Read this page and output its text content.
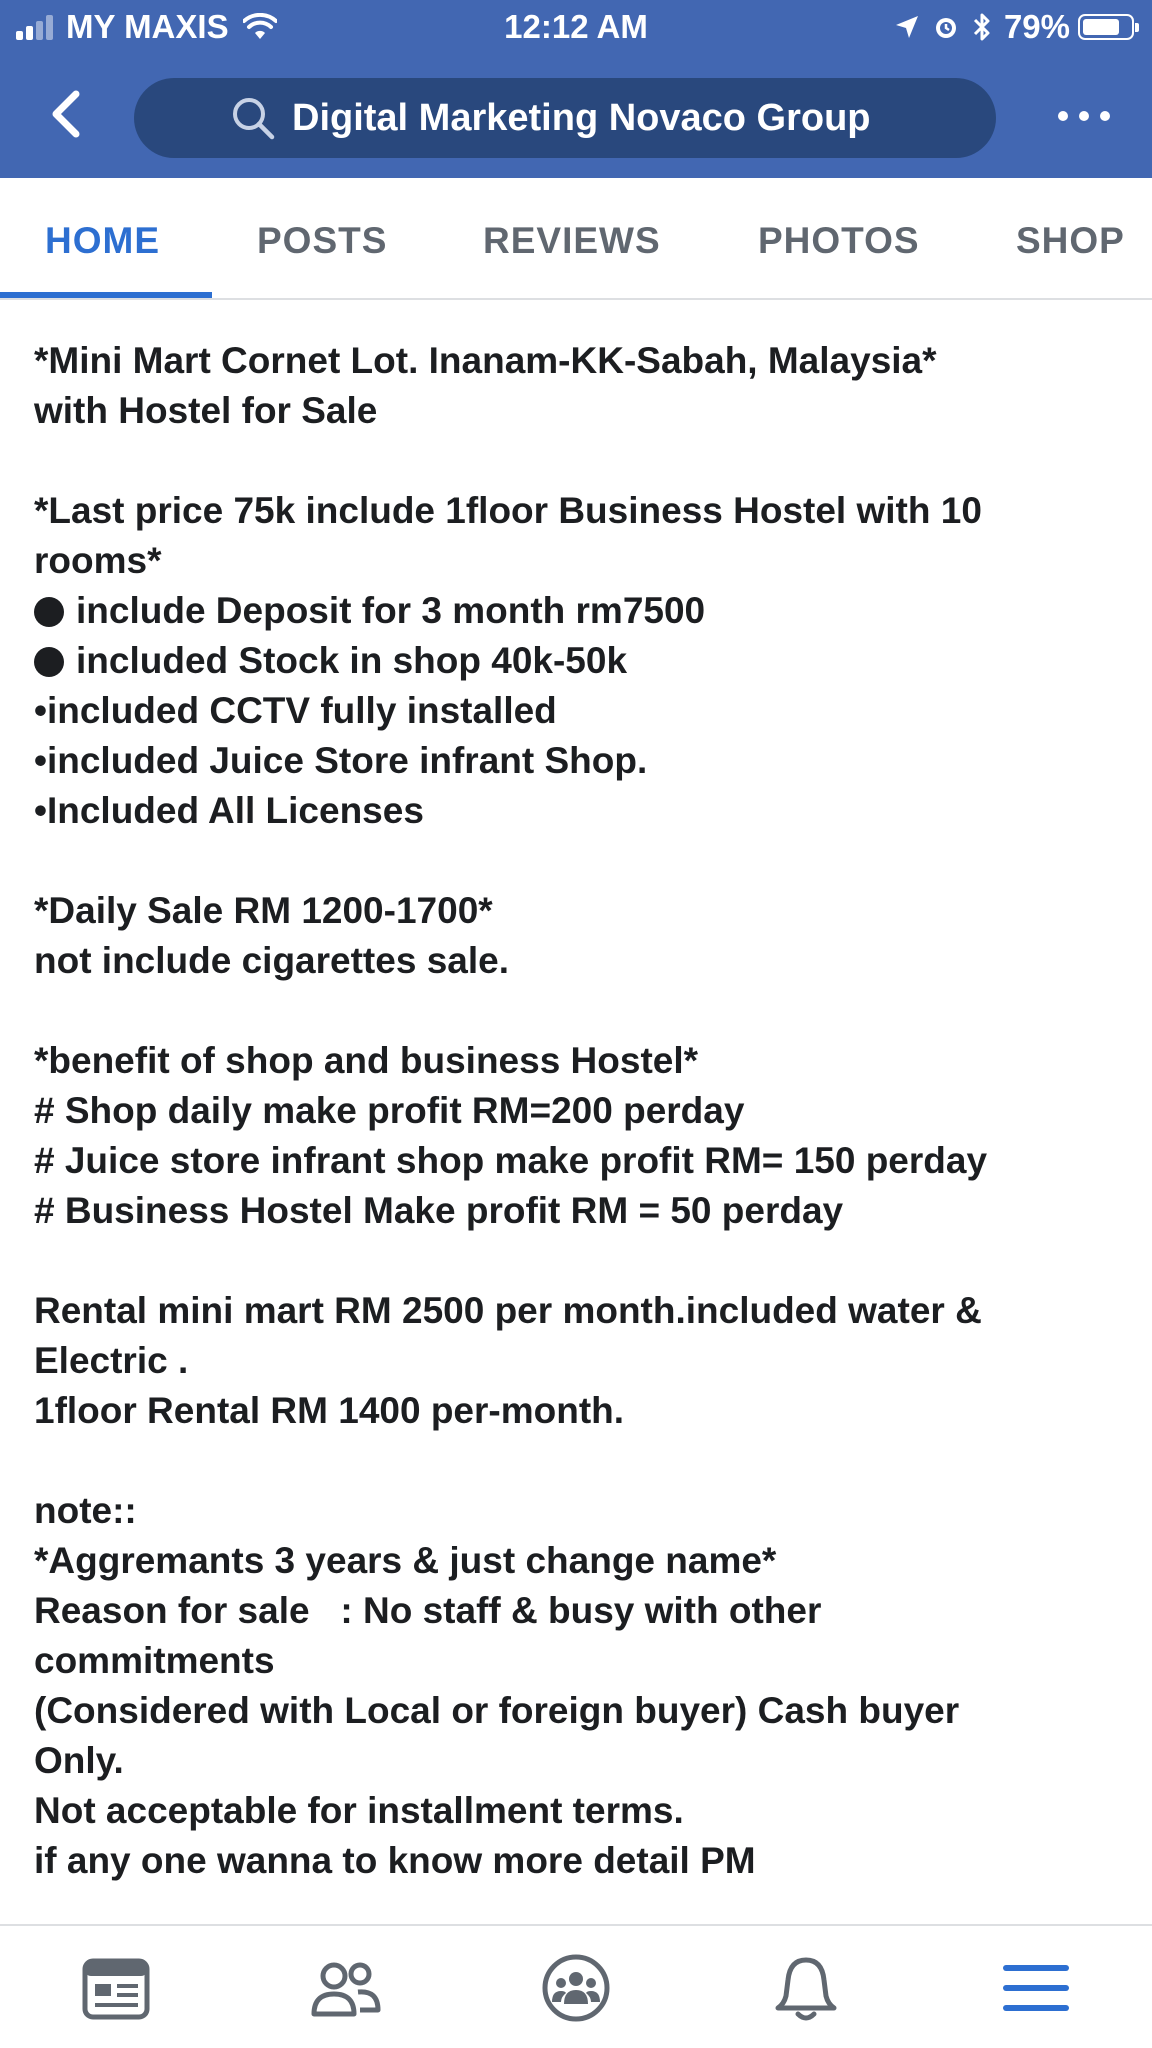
MY MAXIS	12:12 AM	79%
Digital Marketing Novaco Group
HOME	POSTS	REVIEWS	PHOTOS	SHOP
*Mini Mart Cornet Lot. Inanam-KK-Sabah, Malaysia*
with Hostel for Sale
*Last price 75k include 1floor Business Hostel with 10
rooms*
include Deposit for 3 month rm7500
included Stock in shop 40k-50k
•included CCTV fully installed
•included Juice Store infrant Shop.
•Included All Licenses
*Daily Sale RM 1200-1700*
not include cigarettes sale.
*benefit of shop and business Hostel*
# Shop daily make profit RM=200 perday
# Juice store infrant shop make profit RM= 150 perday
# Business Hostel Make profit RM = 50 perday
Rental mini mart RM 2500 per month.included water &
Electric .
1floor Rental RM 1400 per-month.
note::
*Aggremants 3 years & just change name*
Reason for sale   : No staff & busy with other
commitments
(Considered with Local or foreign buyer) Cash buyer
Only.
Not acceptable for installment terms.
if any one wanna to know more detail PM
